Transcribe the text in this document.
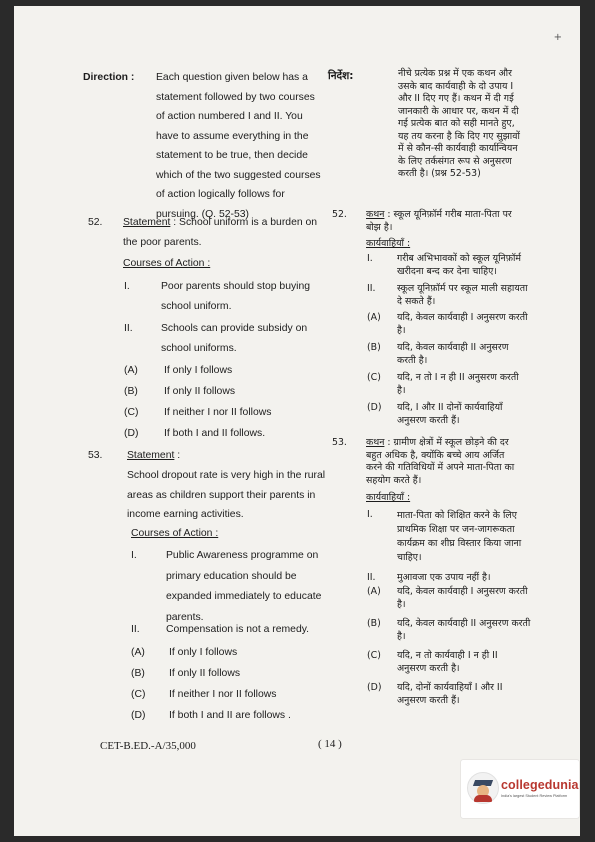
+
Direction : Each question given below has a
statement followed by two courses
of action numbered I and II. You
have to assume everything in the
statement to be true, then decide
which of the two suggested courses
of action logically follows for
pursuing. (Q. 52-53)
52. Statement : School uniform is a burden on
the poor parents.
Courses of Action :
I.	Poor parents should stop buying
school uniform.
II.	Schools can provide subsidy on
school uniforms.
(A)	If only I follows
(B)	If only II follows
(C) If neither I nor II follows
(D) If both I and II follows.
53. Statement :
School dropout rate is very high in the rural
areas as children support their parents in
income earning activities.
Courses of Action :
I.	Public Awareness programme on
primary education should be
expanded immediately to educate
parents.
II.	Compensation is not a remedy.
(A) If only I follows
(B) If only II follows
(C) If neither I nor II follows
(D) If both I and II are follows .
निर्देश:	नीचे प्रत्येक प्रश्न में एक कथन और
उसके बाद कार्यवाही के दो उपाय I
और II दिए गए हैं। कथन में दी गई
जानकारी के आधार पर, कथन में दी
गई प्रत्येक बात को सही मानते हुए,
यह तय करना है कि दिए गए सुझावों
में से कौन-सी कार्यवाही कार्यान्वियन
के लिए तर्कसंगत रूप से अनुसरण
करती है। (प्रश्न 52-53)
52. कथन : स्कूल यूनिफ़ॉर्म गरीब माता-पिता पर
बोझ है।
कार्यवाहियाँ :
I.	गरीब अभिभावकों को स्कूल यूनिफ़ॉर्म
खरीदना बन्द कर देना चाहिए।
II. स्कूल यूनिफ़ॉर्म पर स्कूल माली सहायता
दे सकते हैं।
(A) यदि, केवल कार्यवाही I अनुसरण करती
है।
(B) यदि, केवल कार्यवाही II अनुसरण
करती है।
(C) यदि, न तो I न ही II अनुसरण करती
है।
(D) यदि, I और II दोनों कार्यवाहियाँ
अनुसरण करती हैं।
53. कथन : ग्रामीण क्षेत्रों में स्कूल छोड़ने की दर
बहुत अधिक है, क्योंकि बच्चे आय अर्जित
करने की गतिविधियों में अपने माता-पिता का
सहयोग करते हैं।
कार्यवाहियाँ :
I.	माता-पिता को शिक्षित करने के लिए
प्राथमिक शिक्षा पर जन-जागरूकता
कार्यक्रम का शीघ्र विस्तार किया जाना
चाहिए।
II. मुआवजा एक उपाय नहीं है।
(A) यदि, केवल कार्यवाही I अनुसरण करती
है।
(B) यदि, केवल कार्यवाही II अनुसरण करती
है।
(C) यदि, न तो कार्यवाही I न ही II
अनुसरण करती है।
(D) यदि, दोनों कार्यवाहियाँ I और II
अनुसरण करती हैं।
CET-B.ED.-A/35,000	( 14 )
collegedunia
India's largest Student Review Platform
